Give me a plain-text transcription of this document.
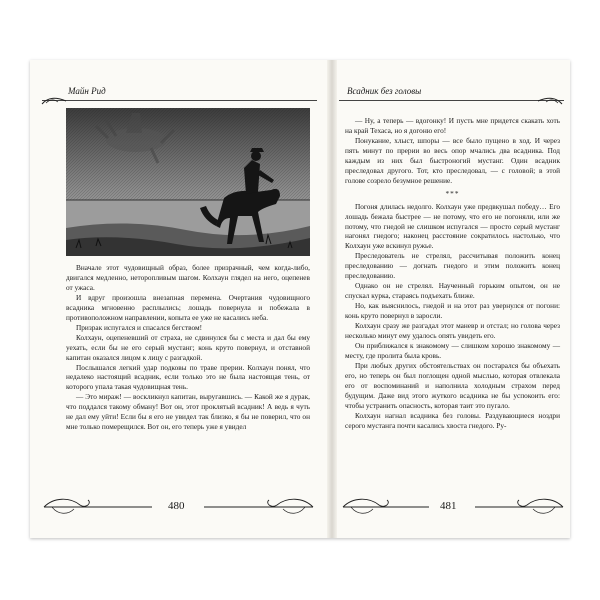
Майн Рид

Вначале этот чудовищный образ, более призрачный, чем когда-либо, двигался медленно, неторопливым шагом. Колхаун глядел на него, оцепенев от ужаса.

И вдруг произошла внезапная перемена. Очертания чудовищного всадника мгновенно расплылись; лошадь повернула и побежала в противоположном направлении, копыта ее уже не касались неба.

Призрак испугался и спасался бегством!

Колхаун, оцепеневший от страха, не сдвинулся бы с места и дал бы ему уехать, если бы не его серый мустанг; конь круто повернул, и отставной капитан оказался лицом к лицу с разгадкой.

Послышался легкий удар подковы по траве прерии. Колхаун понял, что недалеко настоящий всадник, если только это не была настоящая тень, от которого упала такая чудовищная тень.

— Это мираж! — воскликнул капитан, выругавшись. — Какой же я дурак, что поддался такому обману! Вот он, этот проклятый всадник! А ведь я чуть не дал ему уйти! Если бы я его не увидел так близко, я бы не поверил, что он мне только померещился. Вот он, его теперь уже я увидел

480
Всадник без головы

— Ну, а теперь — вдогонку! И пусть мне придется скакать хоть на край Техаса, но я догоню его!

Понукание, хлыст, шпоры — все было пущено в ход. И через пять минут по прерии во весь опор мчались два всадника. Под каждым из них был быстроногий мустанг. Один всадник преследовал другого. Тот, кто преследовал, — с головой; в этой голове созрело безумное решение.

***

Погоня длилась недолго. Колхаун уже предвкушал победу… Его лошадь бежала быстрее — не потому, что его не погоняли, или же потому, что гнедой не слишком испугался — просто серый мустанг нагонял гнедого; наконец расстояние сократилось настолько, что Колхаун уже вскинул ружье.

Преследователь не стрелял, рассчитывая положить конец преследованию — догнать гнедого и этим положить конец преследованию.

Однако он не стрелял. Наученный горьким опытом, он не спускал курка, стараясь подъехать ближе.

Но, как выяснилось, гнедой и на этот раз увернулся от погони: конь круто повернул в заросли.

Колхаун сразу же разгадал этот маневр и отстал; но голова через несколько минут ему удалось опять увидеть его.

Он приближался к знакомому — слишком хорошо знакомому — месту, где пролита была кровь.

При любых других обстоятельствах он постарался бы объехать его, но теперь он был поглощен одной мыслью, которая отвлекала его от воспоминаний и наполнила холодным страхом перед будущим. Даже вид этого жуткого всадника не бы успокоить его: чтобы устранить опасность, которая таит это пугало.

Колхаун нагнал всадника без головы. Раздувающиеся ноздри серого мустанга почти касались хвоста гнедого. Ру-

481
